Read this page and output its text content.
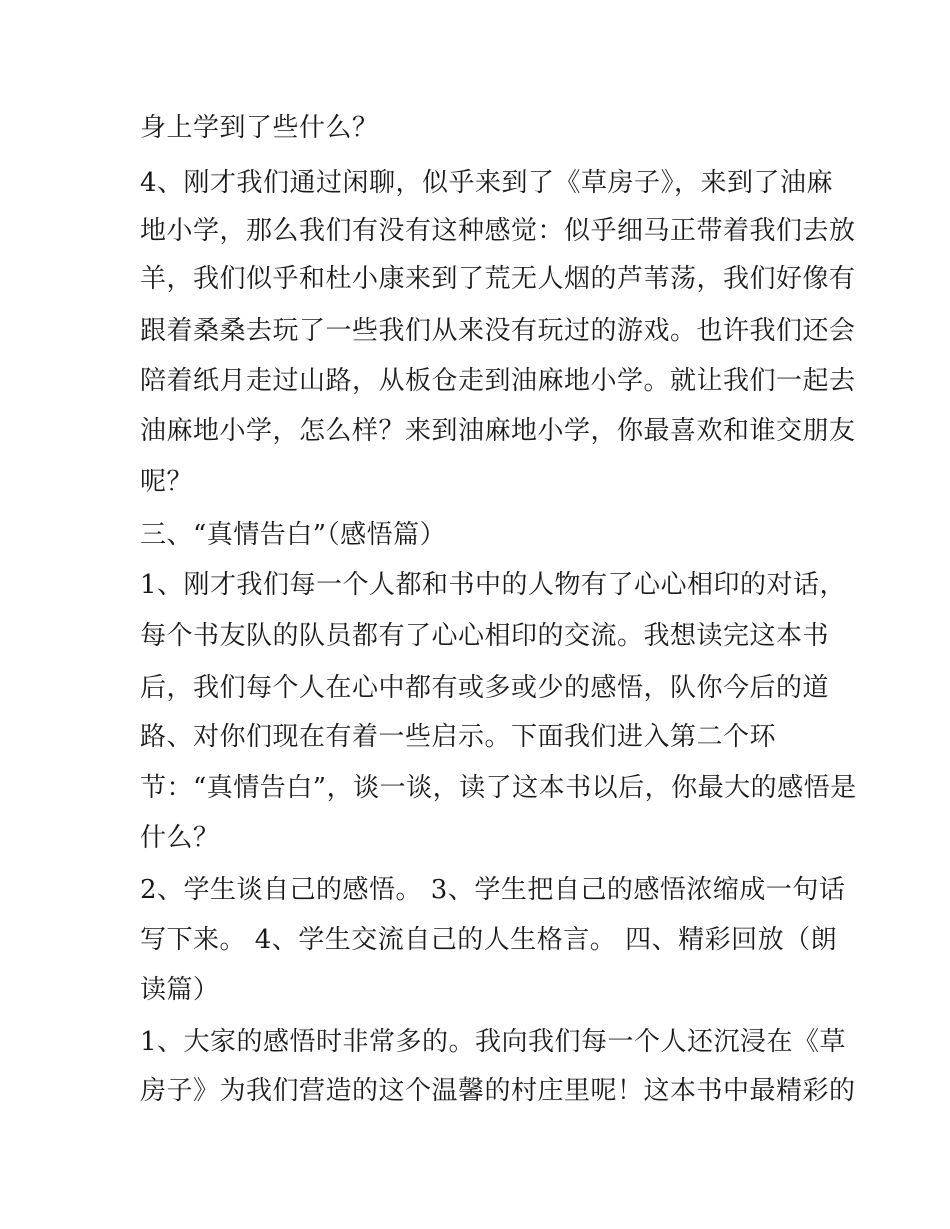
身上学到了些什么？
4、刚才我们通过闲聊，似乎来到了《草房子》，来到了油麻
地小学，那么我们有没有这种感觉：似乎细马正带着我们去放
羊，我们似乎和杜小康来到了荒无人烟的芦苇荡，我们好像有
跟着桑桑去玩了一些我们从来没有玩过的游戏。也许我们还会
陪着纸月走过山路，从板仓走到油麻地小学。就让我们一起去
油麻地小学，怎么样？来到油麻地小学，你最喜欢和谁交朋友
呢？
三、“真情告白”（感悟篇）
1、刚才我们每一个人都和书中的人物有了心心相印的对话，
每个书友队的队员都有了心心相印的交流。我想读完这本书
后，我们每个人在心中都有或多或少的感悟，队你今后的道
路、对你们现在有着一些启示。下面我们进入第二个环
节：“真情告白”，谈一谈，读了这本书以后，你最大的感悟是
什么？
2、学生谈自己的感悟。 3、学生把自己的感悟浓缩成一句话
写下来。 4、学生交流自己的人生格言。 四、精彩回放（朗
读篇）
1、大家的感悟时非常多的。我向我们每一个人还沉浸在《草
房子》为我们营造的这个温馨的村庄里呢！这本书中最精彩的
